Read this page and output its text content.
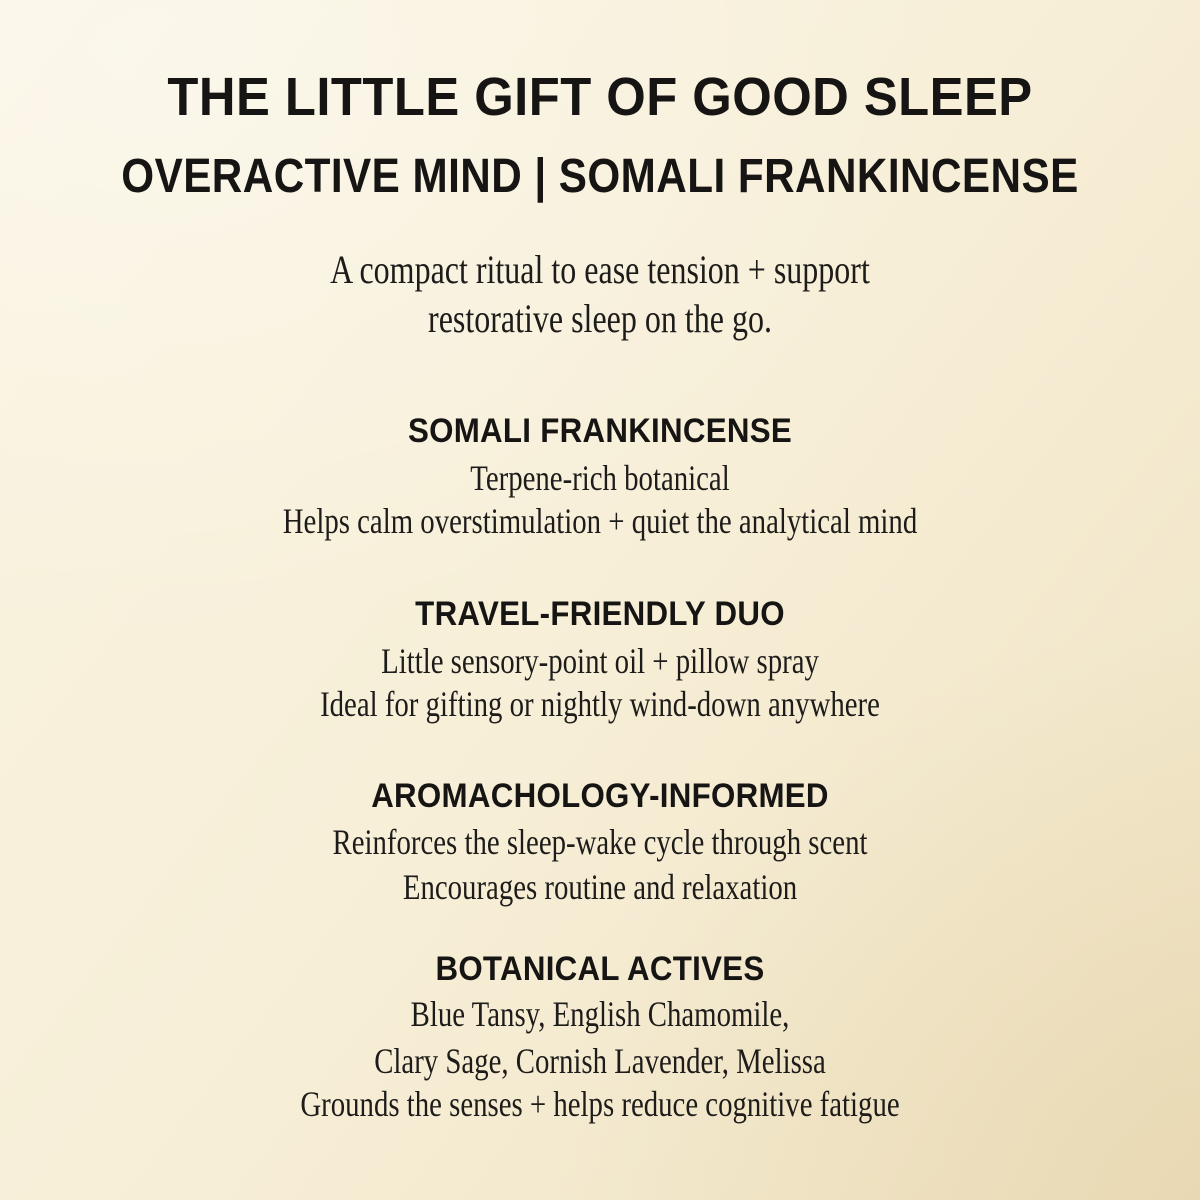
THE LITTLE GIFT OF GOOD SLEEP
OVERACTIVE MIND | SOMALI FRANKINCENSE
A compact ritual to ease tension + support
restorative sleep on the go.
SOMALI FRANKINCENSE
Terpene-rich botanical
Helps calm overstimulation + quiet the analytical mind
TRAVEL-FRIENDLY DUO
Little sensory-point oil + pillow spray
Ideal for gifting or nightly wind-down anywhere
AROMACHOLOGY-INFORMED
Reinforces the sleep-wake cycle through scent
Encourages routine and relaxation
BOTANICAL ACTIVES
Blue Tansy, English Chamomile,
Clary Sage, Cornish Lavender, Melissa
Grounds the senses + helps reduce cognitive fatigue
